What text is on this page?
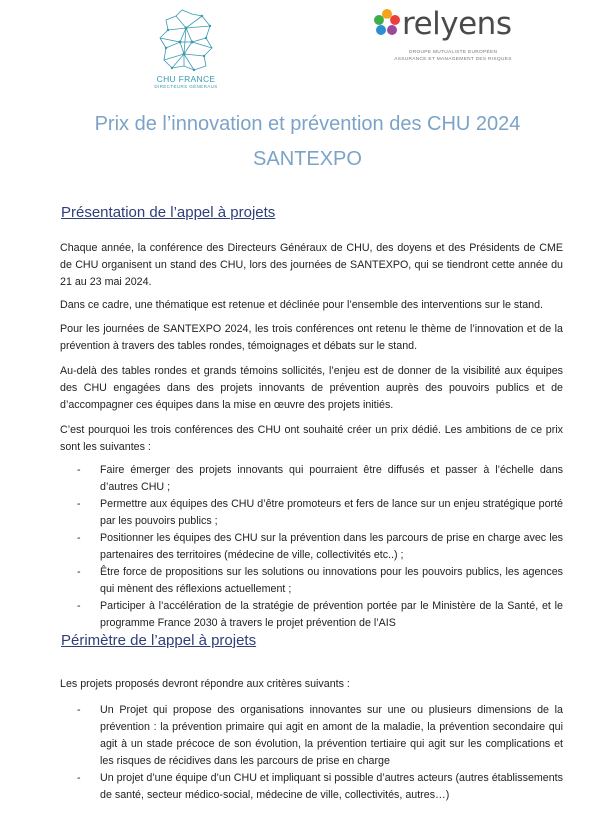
CHU FRANCE
DIRECTEURS GÉNÉRAUX
relyens
GROUPE MUTUALISTE EUROPÉEN
ASSURANCE ET MANAGEMENT DES RISQUES
Prix de l’innovation et prévention des CHU 2024
SANTEXPO
Présentation de l’appel à projets

Chaque année, la conférence des Directeurs Généraux de CHU, des doyens et des Présidents de CME de CHU organisent un stand des CHU, lors des journées de SANTEXPO, qui se tiendront cette année du 21 au 23 mai 2024.

Dans ce cadre, une thématique est retenue et déclinée pour l’ensemble des interventions sur le stand.

Pour les journées de SANTEXPO 2024, les trois conférences ont retenu le thème de l’innovation et de la prévention à travers des tables rondes, témoignages et débats sur le stand.

Au-delà des tables rondes et grands témoins sollicités, l’enjeu est de donner de la visibilité aux équipes des CHU engagées dans des projets innovants de prévention auprès des pouvoirs publics et de d’accompagner ces équipes dans la mise en œuvre des projets initiés.

C’est pourquoi les trois conférences des CHU ont souhaité créer un prix dédié. Les ambitions de ce prix sont les suivantes :

- Faire émerger des projets innovants qui pourraient être diffusés et passer à l’échelle dans d’autres CHU ;
- Permettre aux équipes des CHU d’être promoteurs et fers de lance sur un enjeu stratégique porté par les pouvoirs publics ;
- Positionner les équipes des CHU sur la prévention dans les parcours de prise en charge avec les partenaires des territoires (médecine de ville, collectivités etc..) ;
- Être force de propositions sur les solutions ou innovations pour les pouvoirs publics, les agences qui mènent des réflexions actuellement ;
- Participer à l’accélération de la stratégie de prévention portée par le Ministère de la Santé, et le programme France 2030 à travers le projet prévention de l’AIS
Périmètre de l’appel à projets

Les projets proposés devront répondre aux critères suivants :

- Un Projet qui propose des organisations innovantes sur une ou plusieurs dimensions de la prévention : la prévention primaire qui agit en amont de la maladie, la prévention secondaire qui agit à un stade précoce de son évolution, la prévention tertiaire qui agit sur les complications et les risques de récidives dans les parcours de prise en charge
- Un projet d’une équipe d’un CHU et impliquant si possible d’autres acteurs (autres établissements de santé, secteur médico-social, médecine de ville, collectivités, autres…)
